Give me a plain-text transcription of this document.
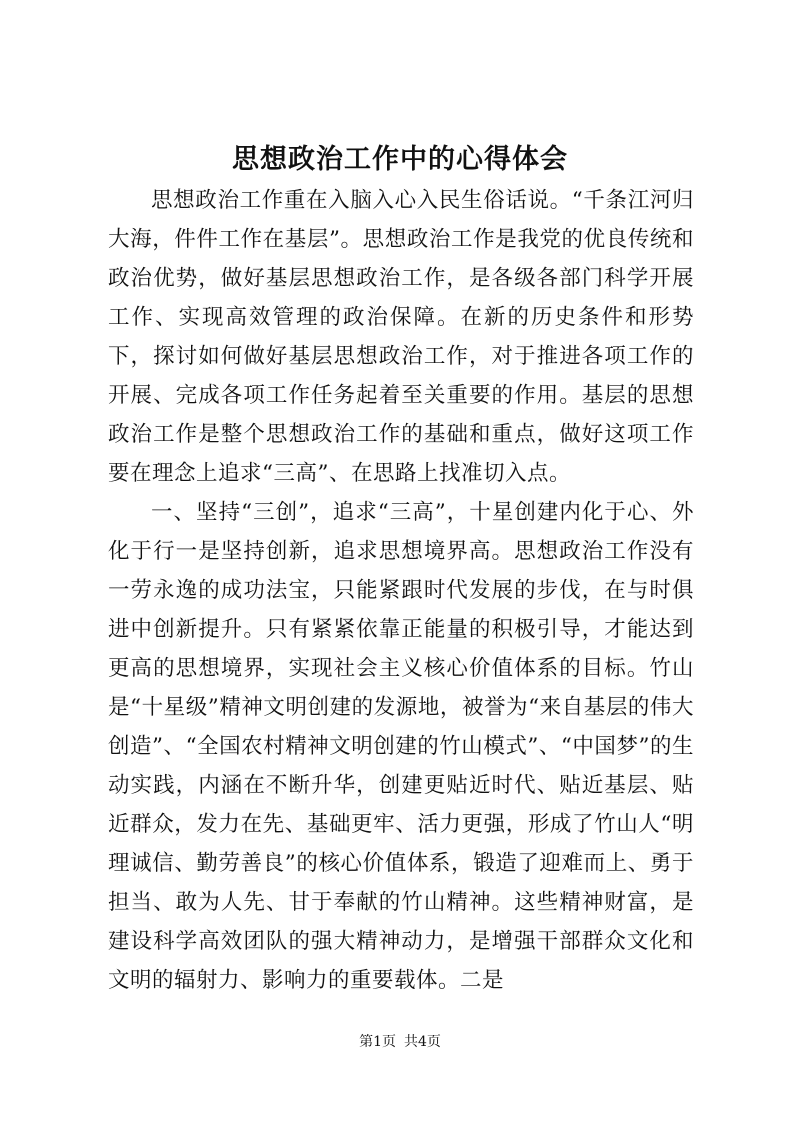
思想政治工作中的心得体会

思想政治工作重在入脑入心入民生俗话说。“千条江河归大海，件件工作在基层”。思想政治工作是我党的优良传统和政治优势，做好基层思想政治工作，是各级各部门科学开展工作、实现高效管理的政治保障。在新的历史条件和形势下，探讨如何做好基层思想政治工作，对于推进各项工作的开展、完成各项工作任务起着至关重要的作用。基层的思想政治工作是整个思想政治工作的基础和重点，做好这项工作要在理念上追求“三高”、在思路上找准切入点。

一、坚持“三创”，追求“三高”，十星创建内化于心、外化于行一是坚持创新，追求思想境界高。思想政治工作没有一劳永逸的成功法宝，只能紧跟时代发展的步伐，在与时俱进中创新提升。只有紧紧依靠正能量的积极引导，才能达到更高的思想境界，实现社会主义核心价值体系的目标。竹山是“十星级”精神文明创建的发源地，被誉为“来自基层的伟大创造”、“全国农村精神文明创建的竹山模式”、“中国梦”的生动实践，内涵在不断升华，创建更贴近时代、贴近基层、贴近群众，发力在先、基础更牢、活力更强，形成了竹山人“明理诚信、勤劳善良”的核心价值体系，锻造了迎难而上、勇于担当、敢为人先、甘于奉献的竹山精神。这些精神财富，是建设科学高效团队的强大精神动力，是增强干部群众文化和文明的辐射力、影响力的重要载体。二是

第1页 共4页
